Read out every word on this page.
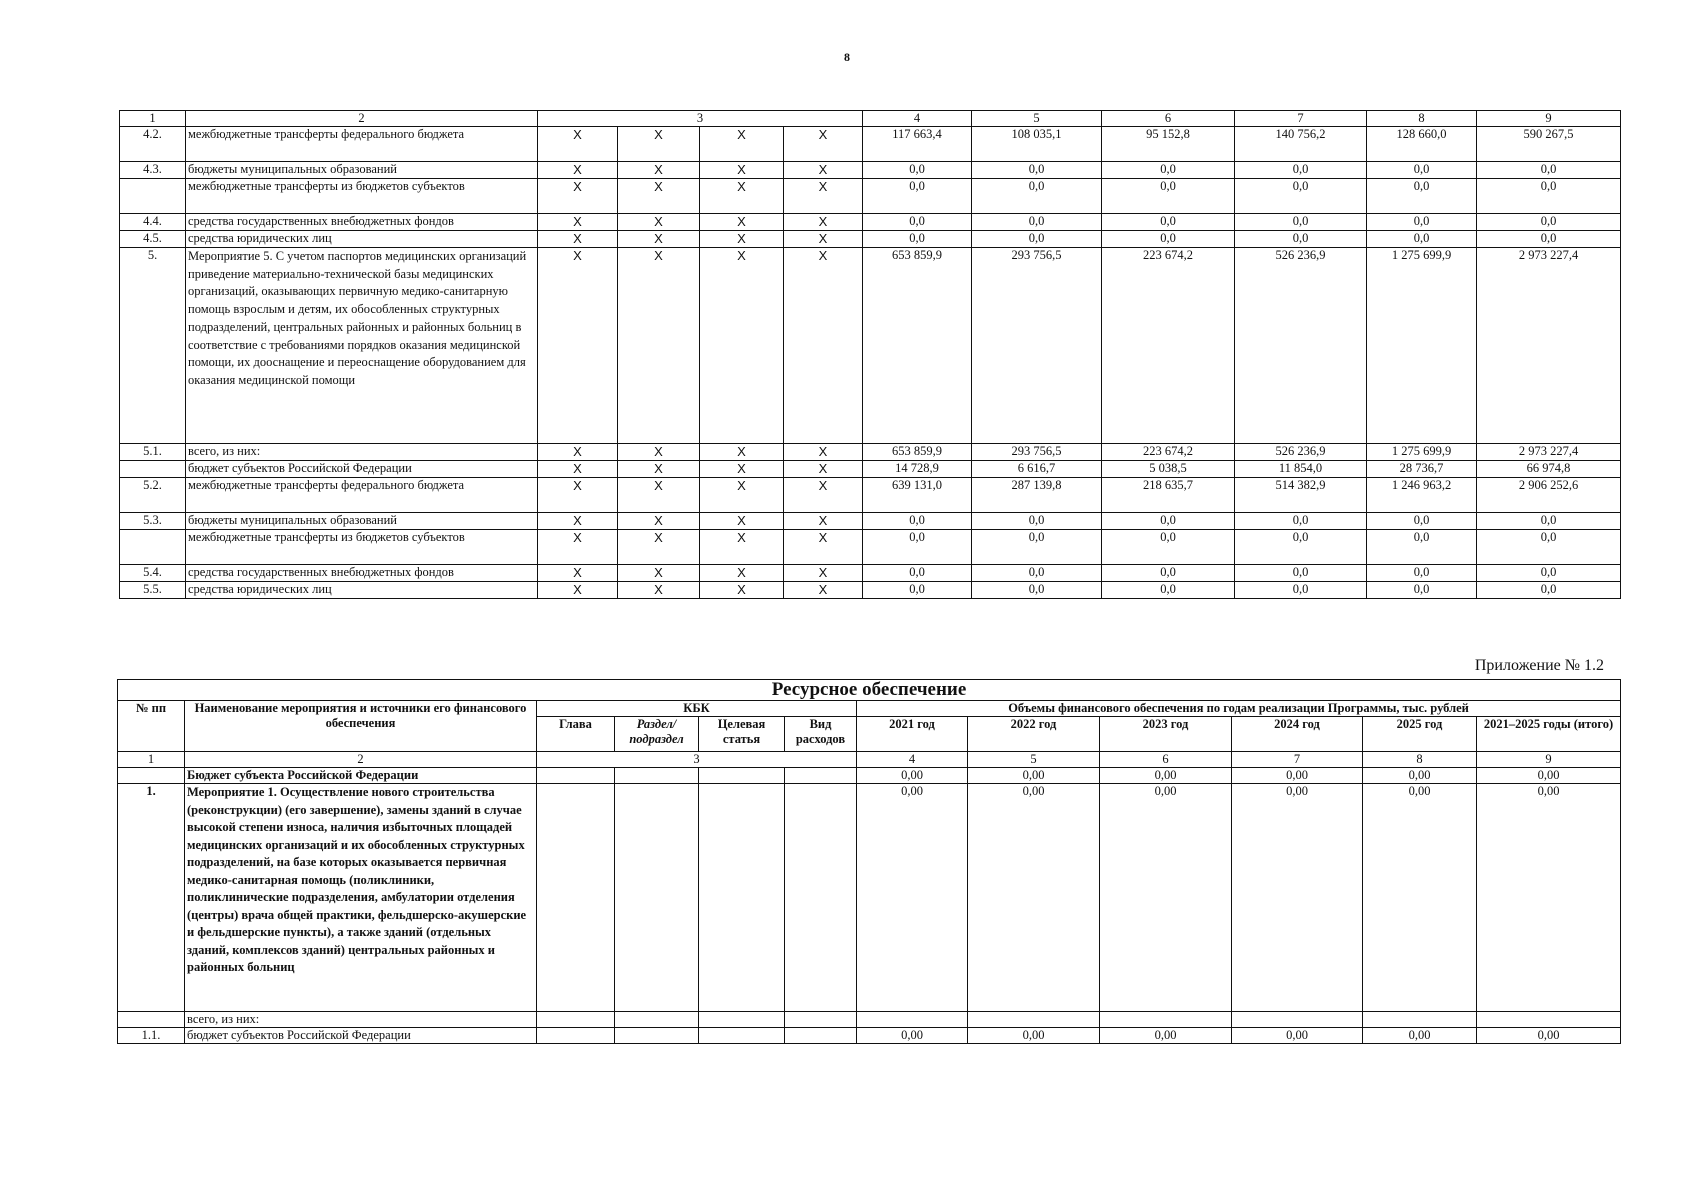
8
1	2	3				4	5	6	7	8	9
4.2.	межбюджетные трансферты федерального бюджета	X	X	X	X	117 663,4	108 035,1	95 152,8	140 756,2	128 660,0	590 267,5
4.3.	бюджеты муниципальных образований	X	X	X	X	0,0	0,0	0,0	0,0	0,0	0,0
	межбюджетные трансферты из бюджетов субъектов	X	X	X	X	0,0	0,0	0,0	0,0	0,0	0,0
4.4.	средства государственных внебюджетных фондов	X	X	X	X	0,0	0,0	0,0	0,0	0,0	0,0
4.5.	средства юридических лиц	X	X	X	X	0,0	0,0	0,0	0,0	0,0	0,0
5.	Мероприятие 5. С учетом паспортов медицинских организаций приведение материально-технической базы медицинских организаций, оказывающих первичную медико-санитарную помощь взрослым и детям, их обособленных структурных подразделений, центральных районных и районных больниц в соответствие с требованиями порядков оказания медицинской помощи, их дооснащение и переоснащение оборудованием для оказания медицинской помощи	X	X	X	X	653 859,9	293 756,5	223 674,2	526 236,9	1 275 699,9	2 973 227,4
5.1.	всего, из них:	X	X	X	X	653 859,9	293 756,5	223 674,2	526 236,9	1 275 699,9	2 973 227,4
	бюджет субъектов Российской Федерации	X	X	X	X	14 728,9	6 616,7	5 038,5	11 854,0	28 736,7	66 974,8
5.2.	межбюджетные трансферты федерального бюджета	X	X	X	X	639 131,0	287 139,8	218 635,7	514 382,9	1 246 963,2	2 906 252,6
5.3.	бюджеты муниципальных образований	X	X	X	X	0,0	0,0	0,0	0,0	0,0	0,0
	межбюджетные трансферты из бюджетов субъектов	X	X	X	X	0,0	0,0	0,0	0,0	0,0	0,0
5.4.	средства государственных внебюджетных фондов	X	X	X	X	0,0	0,0	0,0	0,0	0,0	0,0
5.5.	средства юридических лиц	X	X	X	X	0,0	0,0	0,0	0,0	0,0	0,0
Приложение № 1.2
Ресурсное обеспечение											
№ пп	Наименование мероприятия и источники его финансового обеспечения	КБК				Объемы финансового обеспечения по годам реализации Программы, тыс. рублей					
		Глава	Раздел/ подраздел	Целевая статья	Вид расходов	2021 год	2022 год	2023 год	2024 год	2025 год	2021–2025 годы (итого)
1	2	3				4	5	6	7	8	9
	Бюджет субъекта Российской Федерации					0,00	0,00	0,00	0,00	0,00	0,00
1.	Мероприятие 1. Осуществление нового строительства (реконструкции) (его завершение), замены зданий в случае высокой степени износа, наличия избыточных площадей медицинских организаций и их обособленных структурных подразделений, на базе которых оказывается первичная медико-санитарная помощь (поликлиники, поликлинические подразделения, амбулатории отделения (центры) врача общей практики, фельдшерско-акушерские и фельдшерские пункты), а также зданий (отдельных зданий, комплексов зданий) центральных районных и районных больниц					0,00	0,00	0,00	0,00	0,00	0,00
	всего, из них:										
1.1.	бюджет субъектов Российской Федерации					0,00	0,00	0,00	0,00	0,00	0,00
